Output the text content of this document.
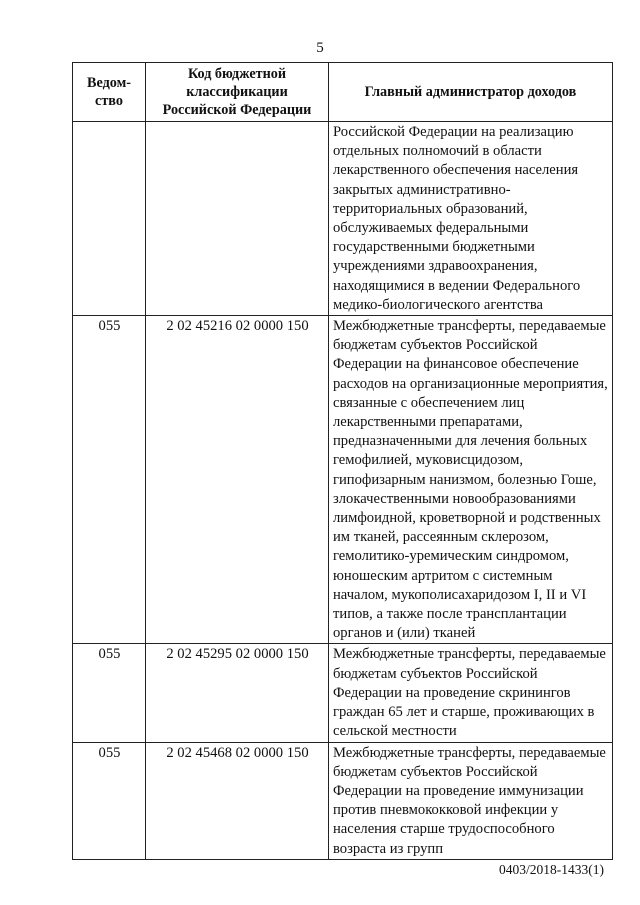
5
Ведом-
ство	Код бюджетной классификации Российской Федерации	Главный администратор доходов
		Российской Федерации на реализацию отдельных полномочий в области лекарственного обеспечения населения закрытых административно-территориальных образований, обслуживаемых федеральными государственными бюджетными учреждениями здравоохранения, находящимися в ведении Федерального медико-биологического агентства
055	2 02 45216 02 0000 150	Межбюджетные трансферты, передаваемые бюджетам субъектов Российской Федерации на финансовое обеспечение расходов на организационные мероприятия, связанные с обеспечением лиц лекарственными препаратами, предназначенными для лечения больных гемофилией, муковисцидозом, гипофизарным нанизмом, болезнью Гоше, злокачественными новообразованиями лимфоидной, кроветворной и родственных им тканей, рассеянным склерозом, гемолитико-уремическим синдромом, юношеским артритом с системным началом, мукополисахаридозом I, II и VI типов, а также после трансплантации органов и (или) тканей
055	2 02 45295 02 0000 150	Межбюджетные трансферты, передаваемые бюджетам субъектов Российской Федерации на проведение скринингов граждан 65 лет и старше, проживающих в сельской местности
055	2 02 45468 02 0000 150	Межбюджетные трансферты, передаваемые бюджетам субъектов Российской Федерации на проведение иммунизации против пневмококковой инфекции у населения старше трудоспособного возраста из групп
0403/2018-1433(1)
